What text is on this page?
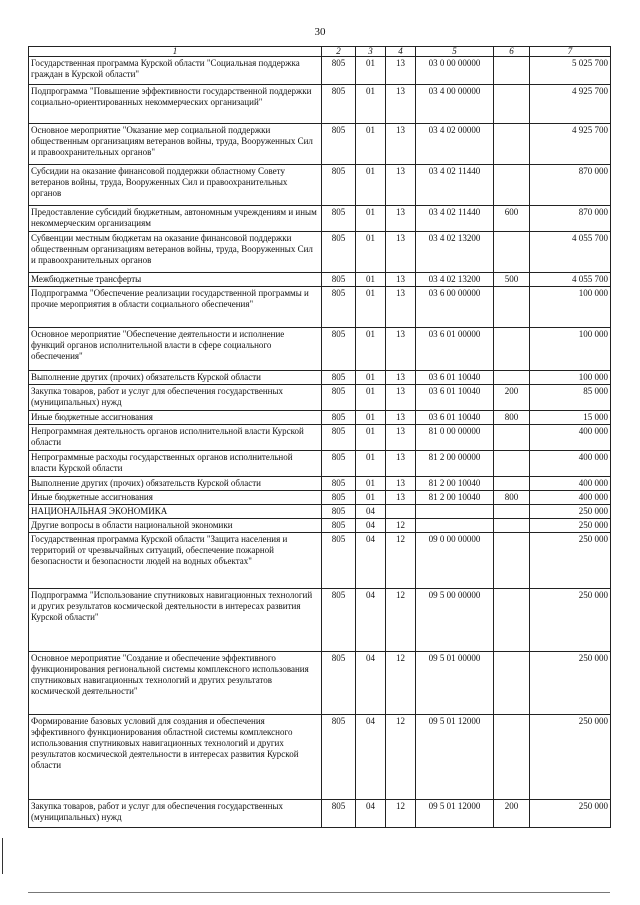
30
1	2	3	4	5	6	7
Государственная программа Курской области "Социальная поддержка граждан в Курской области"	805	01	13	03 0 00 00000		5 025 700
Подпрограмма "Повышение эффективности государственной поддержки социально-ориентированных некоммерческих организаций"	805	01	13	03 4 00 00000		4 925 700
Основное мероприятие "Оказание мер социальной поддержки общественным организациям ветеранов войны, труда, Вооруженных Сил и правоохранительных органов"	805	01	13	03 4 02 00000		4 925 700
Субсидии на оказание финансовой поддержки областному Совету ветеранов войны, труда, Вооруженных Сил и правоохранительных органов	805	01	13	03 4 02 11440		870 000
Предоставление субсидий бюджетным, автономным учреждениям и иным некоммерческим организациям	805	01	13	03 4 02 11440	600	870 000
Субвенции местным бюджетам на оказание финансовой поддержки общественным организациям ветеранов войны, труда, Вооруженных Сил и правоохранительных органов	805	01	13	03 4 02 13200		4 055 700
Межбюджетные трансферты	805	01	13	03 4 02 13200	500	4 055 700
Подпрограмма "Обеспечение реализации государственной программы и прочие мероприятия в области социального обеспечения"	805	01	13	03 6 00 00000		100 000
Основное мероприятие "Обеспечение деятельности и исполнение функций органов исполнительной власти в сфере социального обеспечения"	805	01	13	03 6 01 00000		100 000
Выполнение других (прочих) обязательств Курской области	805	01	13	03 6 01 10040		100 000
Закупка товаров, работ и услуг для обеспечения государственных (муниципальных) нужд	805	01	13	03 6 01 10040	200	85 000
Иные бюджетные ассигнования	805	01	13	03 6 01 10040	800	15 000
Непрограммная деятельность органов исполнительной власти Курской области	805	01	13	81 0 00 00000		400 000
Непрограммные расходы государственных органов исполнительной власти Курской области	805	01	13	81 2 00 00000		400 000
Выполнение других (прочих) обязательств Курской области	805	01	13	81 2 00 10040		400 000
Иные бюджетные ассигнования	805	01	13	81 2 00 10040	800	400 000
НАЦИОНАЛЬНАЯ ЭКОНОМИКА	805	04				250 000
Другие вопросы в области национальной экономики	805	04	12			250 000
Государственная программа Курской области "Защита населения и территорий от чрезвычайных ситуаций, обеспечение пожарной безопасности и безопасности людей на водных объектах"	805	04	12	09 0 00 00000		250 000
Подпрограмма "Использование спутниковых навигационных технологий и других результатов космической деятельности в интересах развития Курской области"	805	04	12	09 5 00 00000		250 000
Основное мероприятие "Создание и обеспечение эффективного функционирования региональной системы комплексного использования спутниковых навигационных технологий и других результатов космической деятельности"	805	04	12	09 5 01 00000		250 000
Формирование базовых условий для создания и обеспечения эффективного функционирования областной системы комплексного использования спутниковых навигационных технологий и других результатов космической деятельности в интересах развития Курской области	805	04	12	09 5 01 12000		250 000
Закупка товаров, работ и услуг для обеспечения государственных (муниципальных) нужд	805	04	12	09 5 01 12000	200	250 000
